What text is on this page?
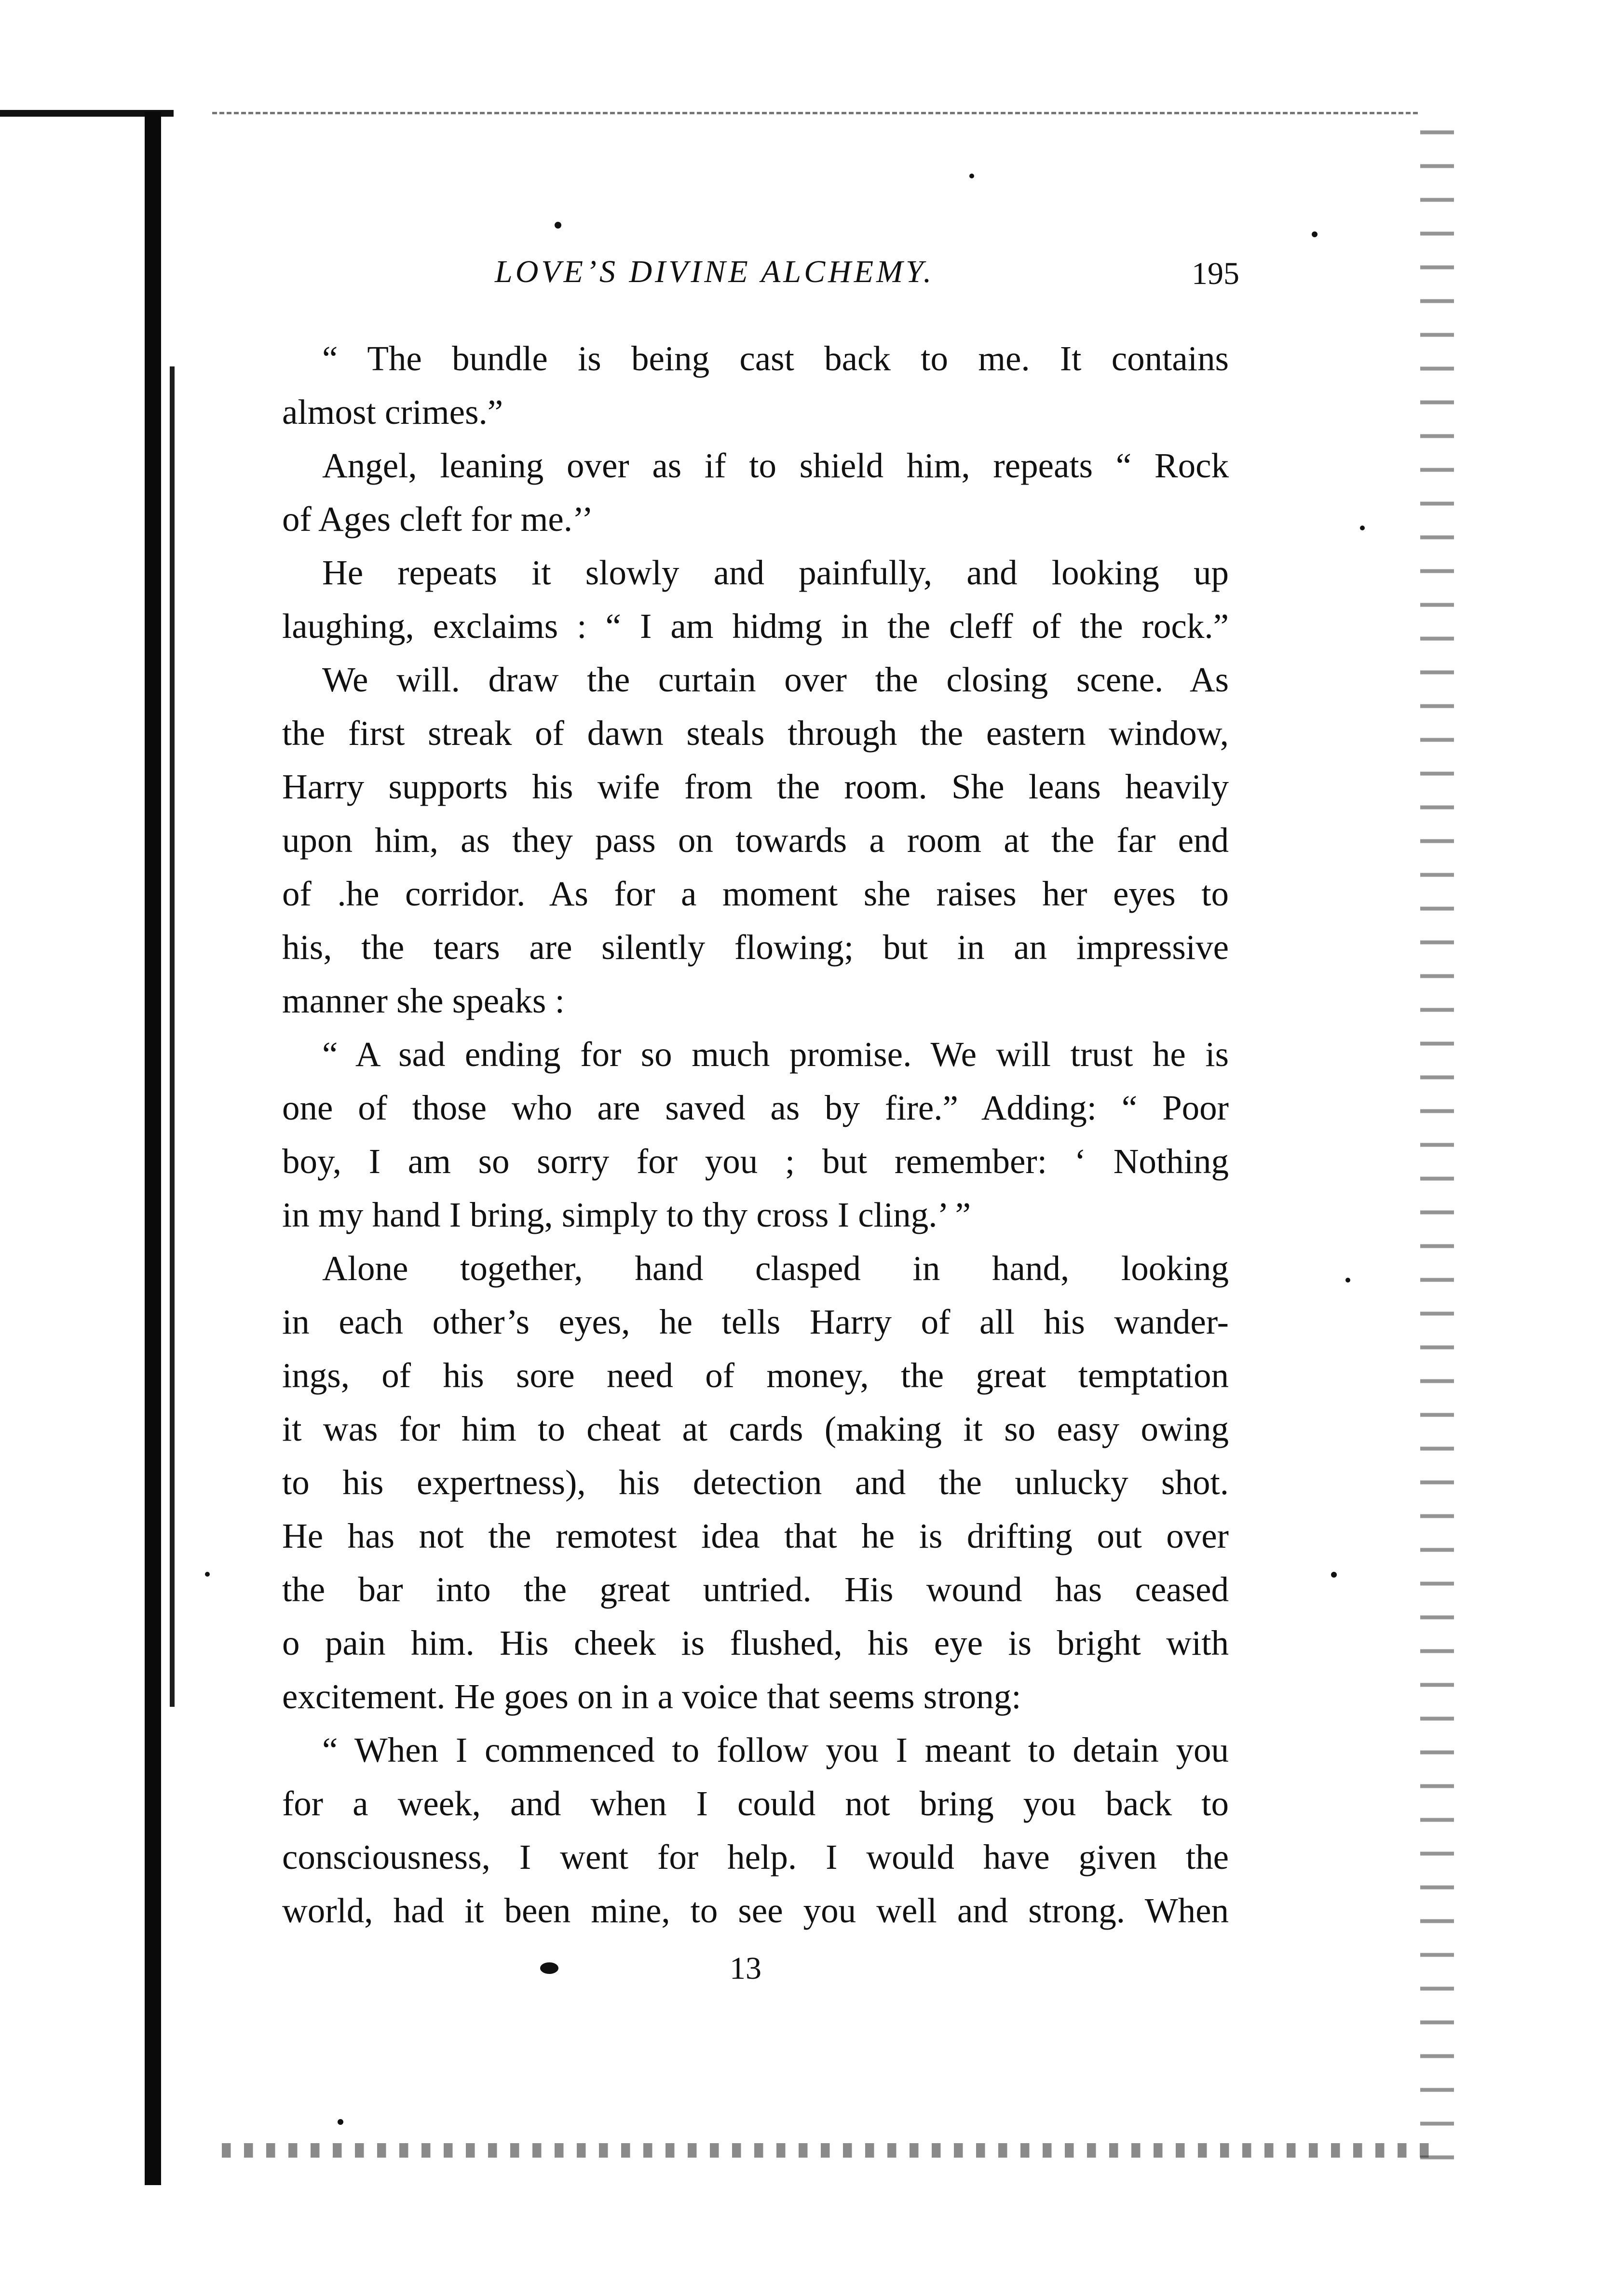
LOVE’S DIVINE ALCHEMY.	195
“ The bundle is being cast back to me. It contains
almost crimes.”
Angel, leaning over as if to shield him, repeats “ Rock
of Ages cleft for me.’’
He repeats it slowly and painfully, and looking up
laughing, exclaims : “ I am hidmg in the cleff of the rock.”
We will. draw the curtain over the closing scene. As
the first streak of dawn steals through the eastern window,
Harry supports his wife from the room. She leans heavily
upon him, as they pass on towards a room at the far end
of .he corridor. As for a moment she raises her eyes to
his, the tears are silently flowing; but in an impressive
manner she speaks :
“ A sad ending for so much promise. We will trust he is
one of those who are saved as by fire.” Adding: “ Poor
boy, I am so sorry for you ; but remember: ‘ Nothing
in my hand I bring, simply to thy cross I cling.’ ”
Alone together, hand clasped in hand, looking
in each other’s eyes, he tells Harry of all his wander-
ings, of his sore need of money, the great temptation
it was for him to cheat at cards (making it so easy owing
to his expertness), his detection and the unlucky shot.
He has not the remotest idea that he is drifting out over
the bar into the great untried. His wound has ceased
o pain him. His cheek is flushed, his eye is bright with
excitement. He goes on in a voice that seems strong:
“ When I commenced to follow you I meant to detain you
for a week, and when I could not bring you back to
consciousness, I went for help. I would have given the
world, had it been mine, to see you well and strong. When
13
